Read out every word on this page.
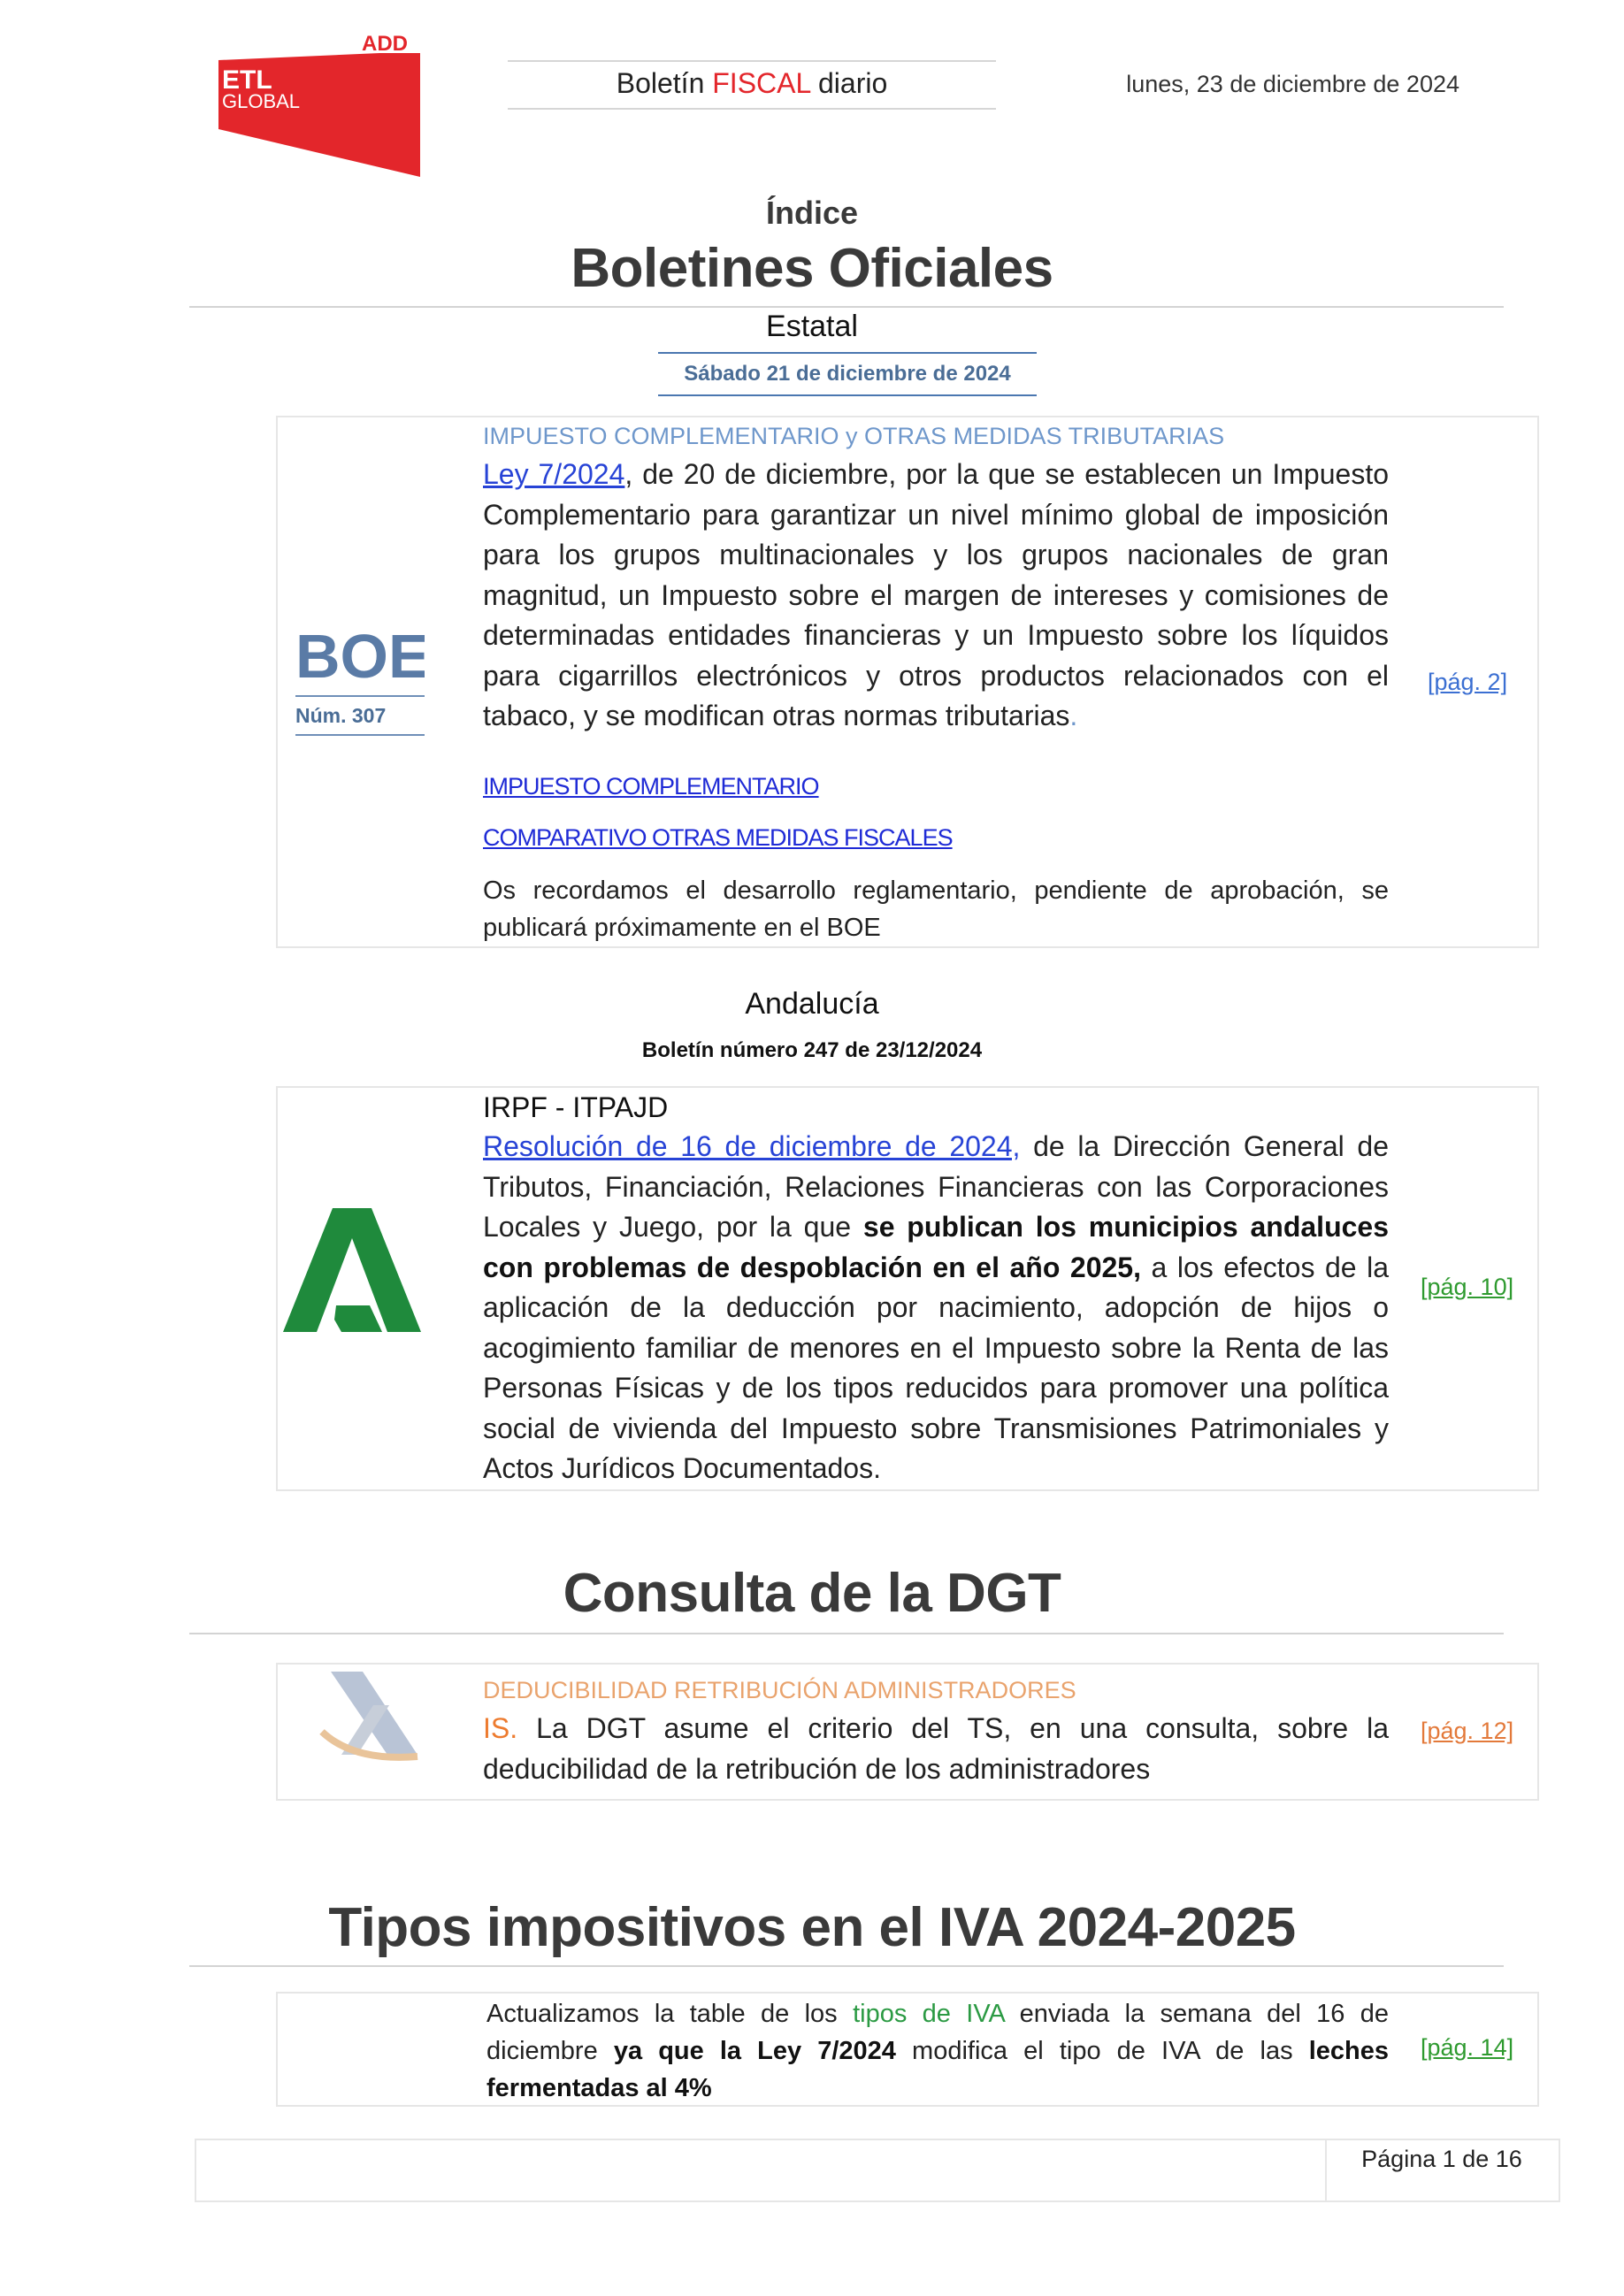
ADD
ETL
GLOBAL
Boletín FISCAL diario	lunes, 23 de diciembre de 2024
Índice
Boletines Oficiales
Estatal
Sábado 21 de diciembre de 2024
BOE
Núm. 307
IMPUESTO COMPLEMENTARIO y OTRAS MEDIDAS TRIBUTARIAS
Ley 7/2024, de 20 de diciembre, por la que se establecen un Impuesto Complementario para garantizar un nivel mínimo global de imposición para los grupos multinacionales y los grupos nacionales de gran magnitud, un Impuesto sobre el margen de intereses y comisiones de determinadas entidades financieras y un Impuesto sobre los líquidos para cigarrillos electrónicos y otros productos relacionados con el tabaco, y se modifican otras normas tributarias.
[pág. 2]
IMPUESTO COMPLEMENTARIO
COMPARATIVO OTRAS MEDIDAS FISCALES
Os recordamos el desarrollo reglamentario, pendiente de aprobación, se publicará próximamente en el BOE
Andalucía
Boletín número 247 de 23/12/2024
IRPF - ITPAJD
Resolución de 16 de diciembre de 2024, de la Dirección General de Tributos, Financiación, Relaciones Financieras con las Corporaciones Locales y Juego, por la que se publican los municipios andaluces con problemas de despoblación en el año 2025, a los efectos de la aplicación de la deducción por nacimiento, adopción de hijos o acogimiento familiar de menores en el Impuesto sobre la Renta de las Personas Físicas y de los tipos reducidos para promover una política social de vivienda del Impuesto sobre Transmisiones Patrimoniales y Actos Jurídicos Documentados.
[pág. 10]
Consulta de la DGT
DEDUCIBILIDAD RETRIBUCIÓN ADMINISTRADORES
IS. La DGT asume el criterio del TS, en una consulta, sobre la deducibilidad de la retribución de los administradores
[pág. 12]
Tipos impositivos en el IVA 2024-2025
Actualizamos la table de los tipos de IVA enviada la semana del 16 de diciembre ya que la Ley 7/2024 modifica el tipo de IVA de las leches fermentadas al 4%
[pág. 14]
Página 1 de 16
